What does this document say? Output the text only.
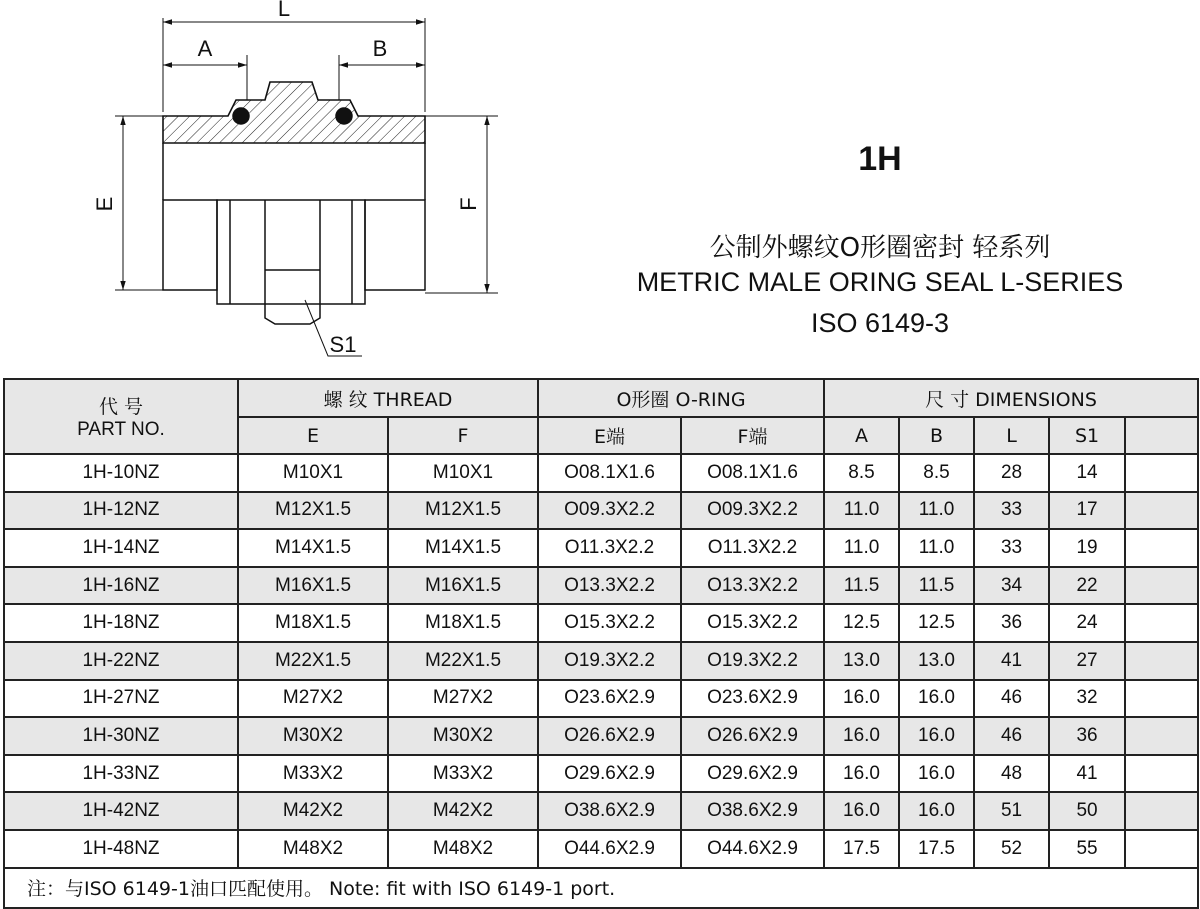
L
A	B
E	F
S1
1H
公制外螺纹O形圈密封 轻系列
METRIC MALE ORING SEAL L-SERIES
ISO 6149-3
代 号
PART NO.	螺 纹 THREAD		O形圈 O-RING		尺 寸 DIMENSIONS				
	E	F	E端	F端	A	B	L	S1	
1H-10NZ	M10X1	M10X1	O08.1X1.6	O08.1X1.6	8.5	8.5	28	14	
1H-12NZ	M12X1.5	M12X1.5	O09.3X2.2	O09.3X2.2	11.0	11.0	33	17	
1H-14NZ	M14X1.5	M14X1.5	O11.3X2.2	O11.3X2.2	11.0	11.0	33	19	
1H-16NZ	M16X1.5	M16X1.5	O13.3X2.2	O13.3X2.2	11.5	11.5	34	22	
1H-18NZ	M18X1.5	M18X1.5	O15.3X2.2	O15.3X2.2	12.5	12.5	36	24	
1H-22NZ	M22X1.5	M22X1.5	O19.3X2.2	O19.3X2.2	13.0	13.0	41	27	
1H-27NZ	M27X2	M27X2	O23.6X2.9	O23.6X2.9	16.0	16.0	46	32	
1H-30NZ	M30X2	M30X2	O26.6X2.9	O26.6X2.9	16.0	16.0	46	36	
1H-33NZ	M33X2	M33X2	O29.6X2.9	O29.6X2.9	16.0	16.0	48	41	
1H-42NZ	M42X2	M42X2	O38.6X2.9	O38.6X2.9	16.0	16.0	51	50	
1H-48NZ	M48X2	M48X2	O44.6X2.9	O44.6X2.9	17.5	17.5	52	55	
注：与ISO 6149-1油口匹配使用。 Note: fit with ISO 6149-1 port.									
